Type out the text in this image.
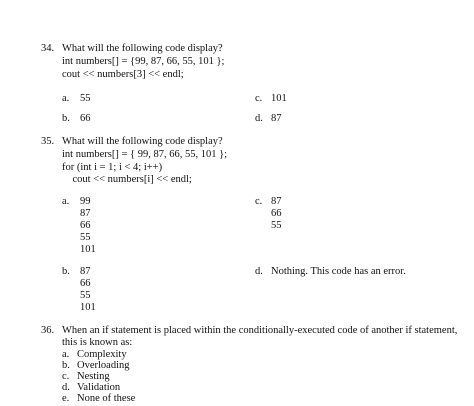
34. What will the following code display?
int numbers[] = {99, 87, 66, 55, 101 };
cout << numbers[3] << endl;
a. 55	c. 101
b. 66	d. 87
35. What will the following code display?
int numbers[] = { 99, 87, 66, 55, 101 };
for (int i = 1; i < 4; i++)
cout << numbers[i] << endl;
a. 99
87
66
55
101
c. 87
66
55
b. 87
66
55
101
d. Nothing. This code has an error.
36. When an if statement is placed within the conditionally-executed code of another if statement,
this is known as:
a. Complexity
b. Overloading
c. Nesting
d. Validation
e. None of these
